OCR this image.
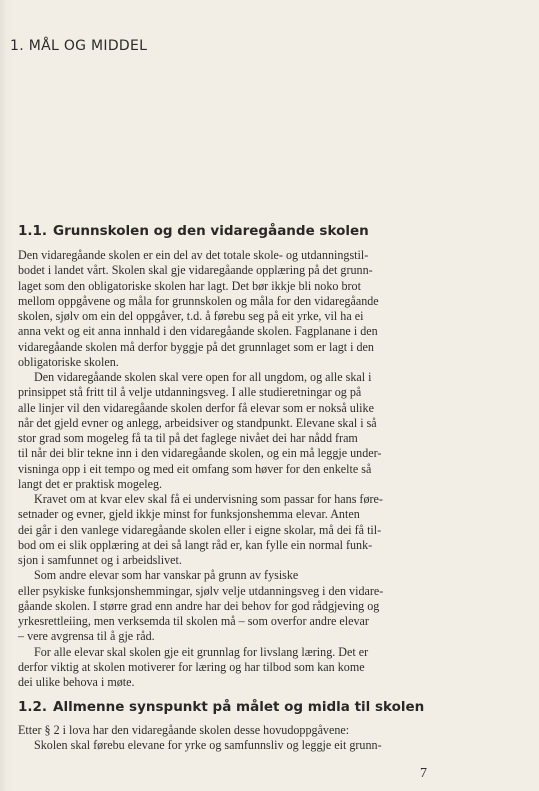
1. MÅL OG MIDDEL
1.1. Grunnskolen og den vidaregåande skolen
Den vidaregåande skolen er ein del av det totale skole- og utdanningstil-
bodet i landet vårt. Skolen skal gje vidaregåande opplæring på det grunn-
laget som den obligatoriske skolen har lagt. Det bør ikkje bli noko brot
mellom oppgåvene og måla for grunnskolen og måla for den vidaregåande
skolen, sjølv om ein del oppgåver, t.d. å førebu seg på eit yrke, vil ha ei
anna vekt og eit anna innhald i den vidaregåande skolen. Fagplanane i den
vidaregåande skolen må derfor byggje på det grunnlaget som er lagt i den
obligatoriske skolen.
Den vidaregåande skolen skal vere open for all ungdom, og alle skal i
prinsippet stå fritt til å velje utdanningsveg. I alle studieretningar og på
alle linjer vil den vidaregåande skolen derfor få elevar som er nokså ulike
når det gjeld evner og anlegg, arbeidsiver og standpunkt. Elevane skal i så
stor grad som mogeleg få ta til på det faglege nivået dei har nådd fram
til når dei blir tekne inn i den vidaregåande skolen, og ein må leggje under-
visninga opp i eit tempo og med eit omfang som høver for den enkelte så
langt det er praktisk mogeleg.
Kravet om at kvar elev skal få ei undervisning som passar for hans føre-
setnader og evner, gjeld ikkje minst for funksjonshemma elevar. Anten
dei går i den vanlege vidaregåande skolen eller i eigne skolar, må dei få til-
bod om ei slik opplæring at dei så langt råd er, kan fylle ein normal funk-
sjon i samfunnet og i arbeidslivet.
Som andre elevar som har vanskar på grunn av fysiske
eller psykiske funksjonshemmingar, sjølv velje utdanningsveg i den vidare-
gåande skolen. I større grad enn andre har dei behov for god rådgjeving og
yrkesrettleiing, men verksemda til skolen må – som overfor andre elevar
– vere avgrensa til å gje råd.
For alle elevar skal skolen gje eit grunnlag for livslang læring. Det er
derfor viktig at skolen motiverer for læring og har tilbod som kan kome
dei ulike behova i møte.
1.2. Allmenne synspunkt på målet og midla til skolen
Etter § 2 i lova har den vidaregåande skolen desse hovudoppgåvene:
Skolen skal førebu elevane for yrke og samfunnsliv og leggje eit grunn-
7
